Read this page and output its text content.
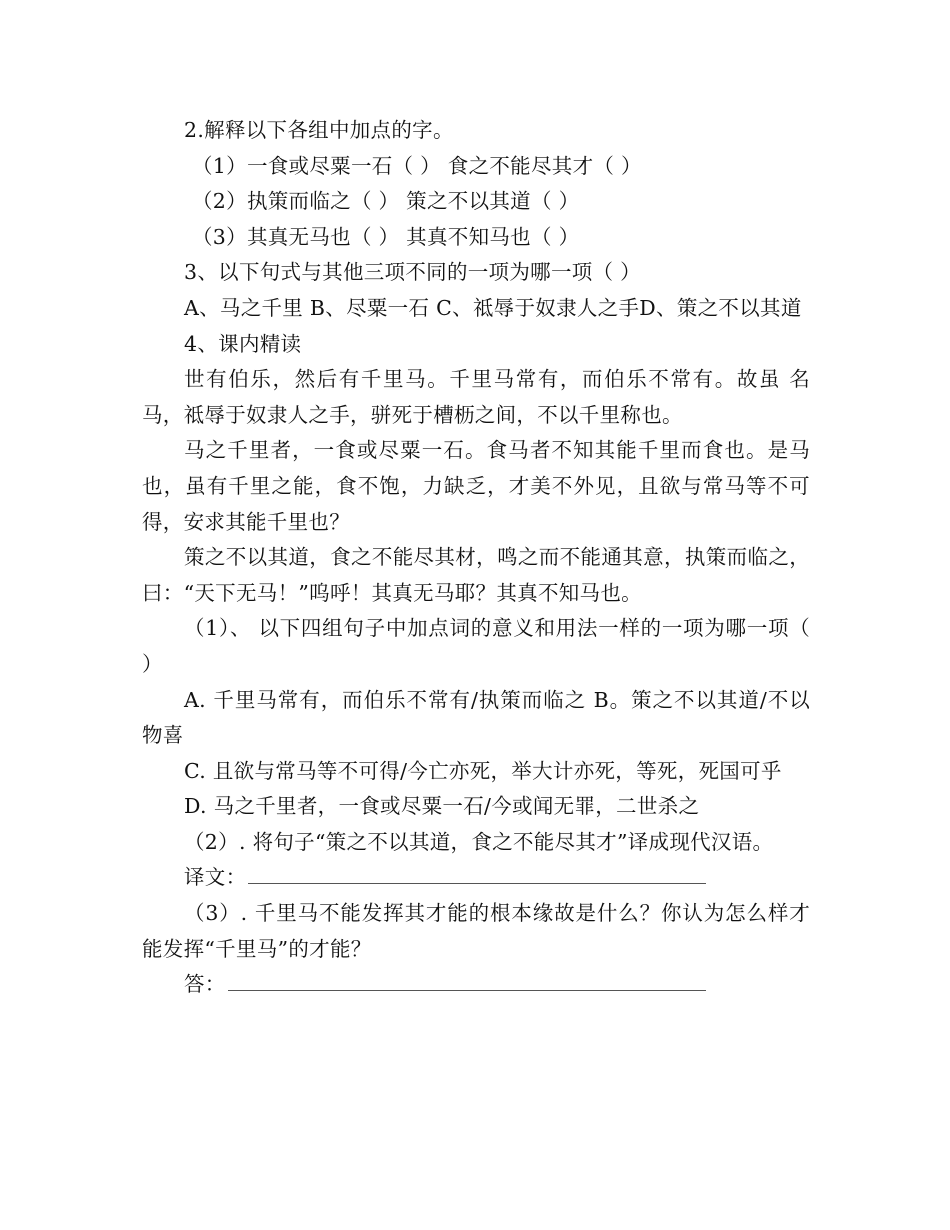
2.解释以下各组中加点的字。

（1）一食或尽粟一石（ ） 食之不能尽其才（ ）

（2）执策而临之（ ） 策之不以其道（ ）

（3）其真无马也（ ） 其真不知马也（ ）

3、以下句式与其他三项不同的一项为哪一项（ ）

A、马之千里 B、尽粟一石 C、祗辱于奴隶人之手D、策之不以其道

4、课内精读

世有伯乐，然后有千里马。千里马常有，而伯乐不常有。故虽 名马，祗辱于奴隶人之手，骈死于槽枥之间，不以千里称也。

马之千里者，一食或尽粟一石。食马者不知其能千里而食也。是马也，虽有千里之能，食不饱，力缺乏，才美不外见，且欲与常马等不可得，安求其能千里也？

策之不以其道，食之不能尽其材，鸣之而不能通其意，执策而临之，曰：“天下无马！”呜呼！其真无马耶？其真不知马也。

（1）、 以下四组句子中加点词的意义和用法一样的一项为哪一项（ ）

A. 千里马常有，而伯乐不常有/执策而临之 B。策之不以其道/不以物喜

C. 且欲与常马等不可得/今亡亦死，举大计亦死，等死，死国可乎

D. 马之千里者，一食或尽粟一石/今或闻无罪，二世杀之

（2）. 将句子“策之不以其道，食之不能尽其才”译成现代汉语。

译文：

（3）. 千里马不能发挥其才能的根本缘故是什么？你认为怎么样才能发挥“千里马”的才能？

答：
